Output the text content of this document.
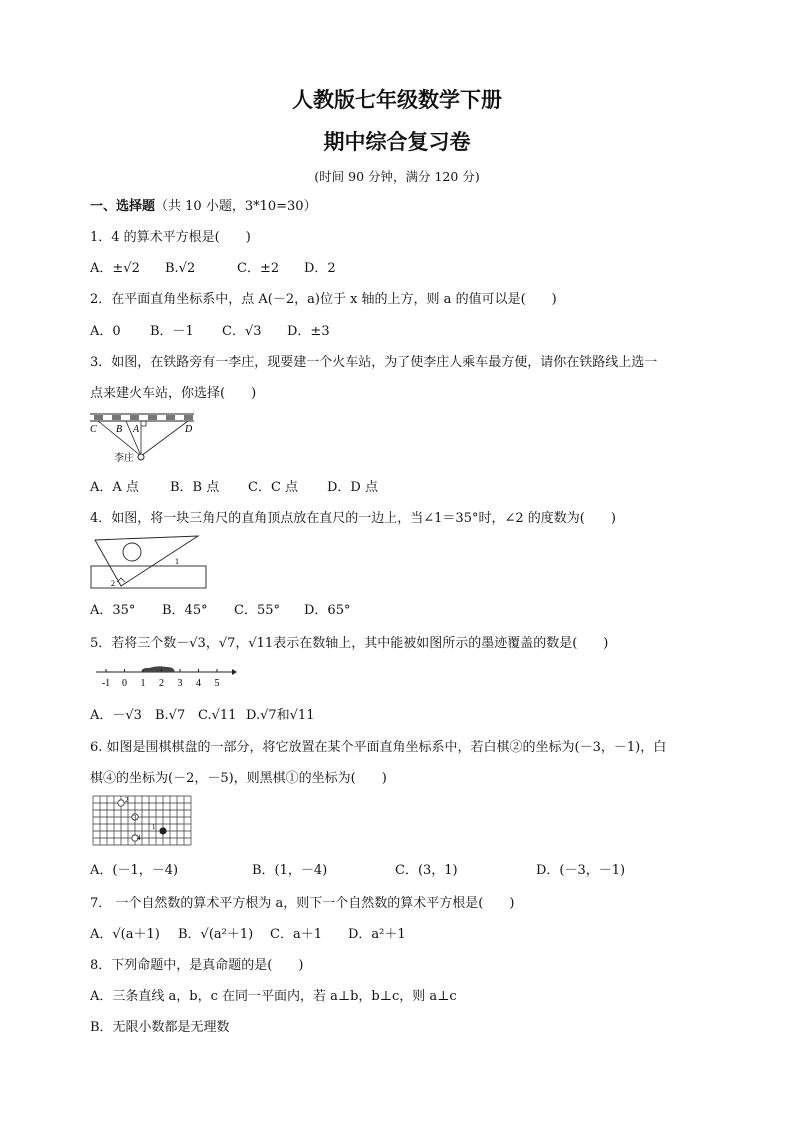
人教版七年级数学下册
期中综合复习卷
(时间 90 分钟，满分 120 分)
一、选择题（共 10 小题，3*10=30）
1．4 的算术平方根是(　　)
A．±√2 B.√2	C．±2 D．2
2．在平面直角坐标系中，点 A(－2，a)位于 x 轴的上方，则 a 的值可以是(　　)
A．0 B．－1 C．√3 D．±3
3．如图，在铁路旁有一李庄，现要建一个火车站，为了使李庄人乘车最方便，请你在铁路线上选一
点来建火车站，你选择(　　)
C B A	D
李庄
A．A 点 B．B 点 C．C 点 D．D 点
4．如图，将一块三角尺的直角顶点放在直尺的一边上，当∠1＝35°时，∠2 的度数为(　　)
1
2
A．35° B．45° C．55° D．65°
5．若将三个数－√3，√7，√11表示在数轴上，其中能被如图所示的墨迹覆盖的数是(　　)
-1 0 1 2 3 4 5
A．－√3 B.√7 C.√11 D.√7和√11
6. 如图是围棋棋盘的一部分，将它放置在某个平面直角坐标系中，若白棋②的坐标为(－3，－1)，白
棋④的坐标为(－2，－5)，则黑棋①的坐标为(　　)
2
3
1
4
A．(－1，－4)	B．(1，－4)	C．(3，1)	D．(－3，－1)
7． 一个自然数的算术平方根为 a，则下一个自然数的算术平方根是(　　)
A．√(a＋1) B．√(a²＋1) C．a＋1 D．a²＋1
8．下列命题中，是真命题的是(　　)
A．三条直线 a，b，c 在同一平面内，若 a⊥b，b⊥c，则 a⊥c
B．无限小数都是无理数
